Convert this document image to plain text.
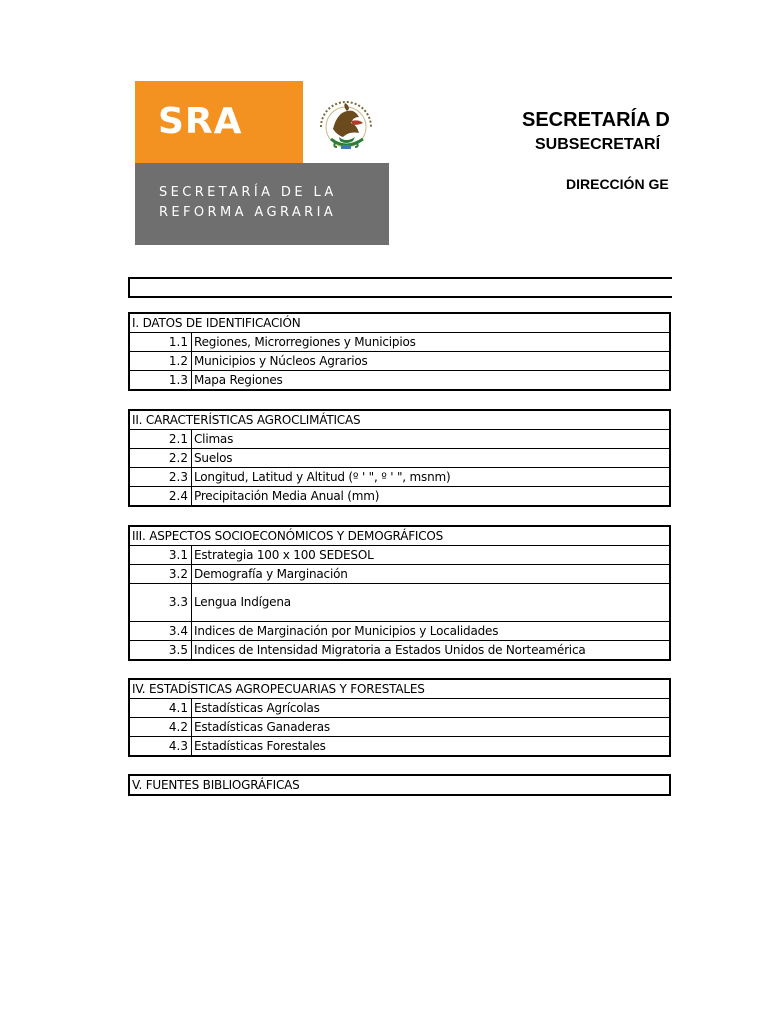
SRA
SECRETARÍA DE LA
REFORMA AGRARIA
SECRETARÍA D
SUBSECRETARÍ
DIRECCIÓN GE
I. DATOS DE IDENTIFICACIÓN
1.1 Regiones, Microrregiones y Municipios
1.2 Municipios y Núcleos Agrarios
1.3 Mapa Regiones
II. CARACTERÍSTICAS AGROCLIMÁTICAS
2.1 Climas
2.2 Suelos
2.3 Longitud, Latitud y Altitud (º ' ", º ' ", msnm)
2.4 Precipitación Media Anual (mm)
III. ASPECTOS SOCIOECONÓMICOS Y DEMOGRÁFICOS
3.1 Estrategia 100 x 100 SEDESOL
3.2 Demografía y Marginación
3.3 Lengua Indígena
3.4 Indices de Marginación por Municipios y Localidades
3.5 Indices de Intensidad Migratoria a Estados Unidos de Norteamérica
IV. ESTADÍSTICAS AGROPECUARIAS Y FORESTALES
4.1 Estadísticas Agrícolas
4.2 Estadísticas Ganaderas
4.3 Estadísticas Forestales
V. FUENTES BIBLIOGRÁFICAS
